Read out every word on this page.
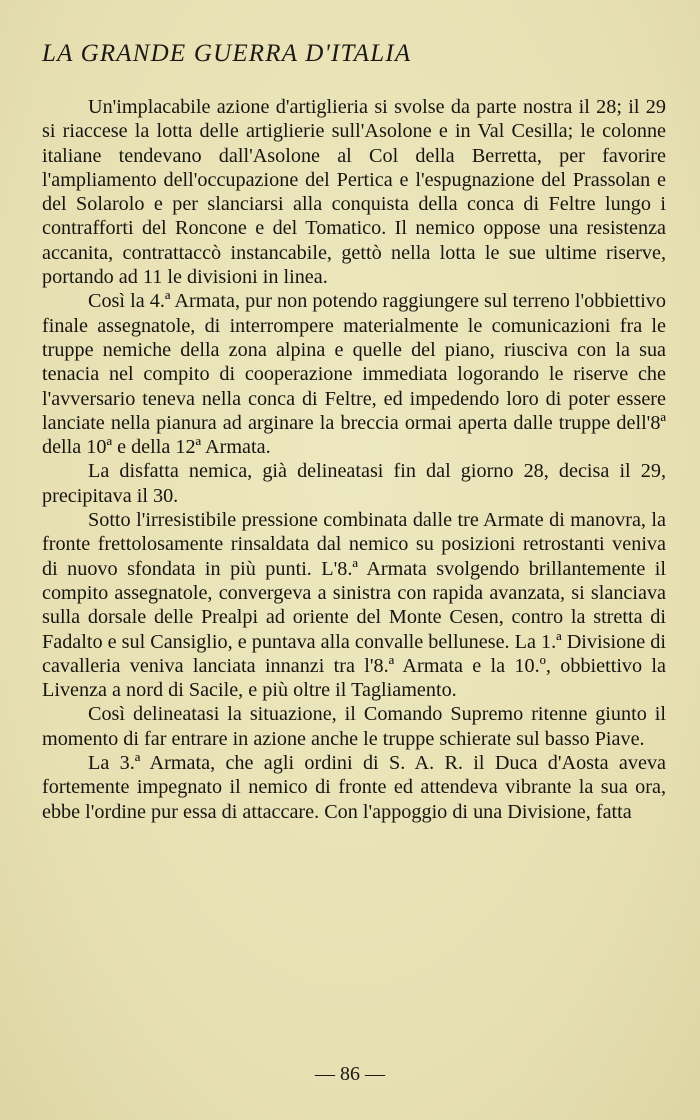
LA GRANDE GUERRA D'ITALIA

Un'implacabile azione d'artiglieria si svolse da parte nostra il 28; il 29 si riaccese la lotta delle artiglierie sull'Asolone e in Val Cesilla; le colonne italiane tendevano dall'Asolone al Col della Berretta, per favorire l'ampliamento dell'occupazione del Pertica e l'espugnazione del Prassolan e del Solarolo e per slanciarsi alla conquista della conca di Feltre lungo i contrafforti del Roncone e del Tomatico. Il nemico oppose una resistenza accanita, contrattaccò instancabile, gettò nella lotta le sue ultime riserve, portando ad 11 le divisioni in linea.

Così la 4.ª Armata, pur non potendo raggiungere sul terreno l'obbiettivo finale assegnatole, di interrompere materialmente le comunicazioni fra le truppe nemiche della zona alpina e quelle del piano, riusciva con la sua tenacia nel compito di cooperazione immediata logorando le riserve che l'avversario teneva nella conca di Feltre, ed impedendo loro di poter essere lanciate nella pianura ad arginare la breccia ormai aperta dalle truppe dell'8ª della 10ª e della 12ª Armata.

La disfatta nemica, già delineatasi fin dal giorno 28, decisa il 29, precipitava il 30.

Sotto l'irresistibile pressione combinata dalle tre Armate di manovra, la fronte frettolosamente rinsaldata dal nemico su posizioni retrostanti veniva di nuovo sfondata in più punti. L'8.ª Armata svolgendo brillantemente il compito assegnatole, convergeva a sinistra con rapida avanzata, si slanciava sulla dorsale delle Prealpi ad oriente del Monte Cesen, contro la stretta di Fadalto e sul Cansiglio, e puntava alla convalle bellunese. La 1.ª Divisione di cavalleria veniva lanciata innanzi tra l'8.ª Armata e la 10.º, obbiettivo la Livenza a nord di Sacile, e più oltre il Tagliamento.

Così delineatasi la situazione, il Comando Supremo ritenne giunto il momento di far entrare in azione anche le truppe schierate sul basso Piave.

La 3.ª Armata, che agli ordini di S. A. R. il Duca d'Aosta aveva fortemente impegnato il nemico di fronte ed attendeva vibrante la sua ora, ebbe l'ordine pur essa di attaccare. Con l'appoggio di una Divisione, fatta

— 86 —
